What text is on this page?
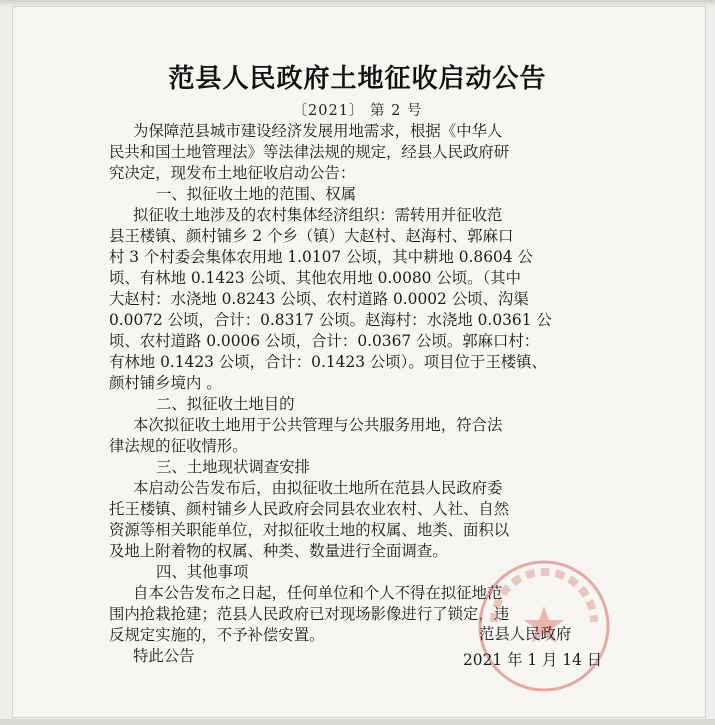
范县人民政府土地征收启动公告
〔2021〕 第 2 号
为保障范县城市建设经济发展用地需求，根据《中华人
民共和国土地管理法》等法律法规的规定，经县人民政府研
究决定，现发布土地征收启动公告：
一、拟征收土地的范围、权属
拟征收土地涉及的农村集体经济组织：需转用并征收范
县王楼镇、颜村铺乡 2 个乡（镇）大赵村、赵海村、郭麻口
村 3 个村委会集体农用地 1.0107 公顷，其中耕地 0.8604 公
顷、有林地 0.1423 公顷、其他农用地 0.0080 公顷。（其中
大赵村：水浇地 0.8243 公顷、农村道路 0.0002 公顷、沟渠
0.0072 公顷，合计：0.8317 公顷。赵海村：水浇地 0.0361 公
顷、农村道路 0.0006 公顷，合计：0.0367 公顷。郭麻口村：
有林地 0.1423 公顷，合计：0.1423 公顷）。项目位于王楼镇、
颜村铺乡境内 。
二、拟征收土地目的
本次拟征收土地用于公共管理与公共服务用地，符合法
律法规的征收情形。
三、土地现状调查安排
本启动公告发布后，由拟征收土地所在范县人民政府委
托王楼镇、颜村铺乡人民政府会同县农业农村、人社、自然
资源等相关职能单位，对拟征收土地的权属、地类、面积以
及地上附着物的权属、种类、数量进行全面调查。
四、其他事项
自本公告发布之日起，任何单位和个人不得在拟征地范
围内抢栽抢建；范县人民政府已对现场影像进行了锁定，违
反规定实施的，不予补偿安置。
特此公告
范县人民政府
2021 年 1 月 14 日
